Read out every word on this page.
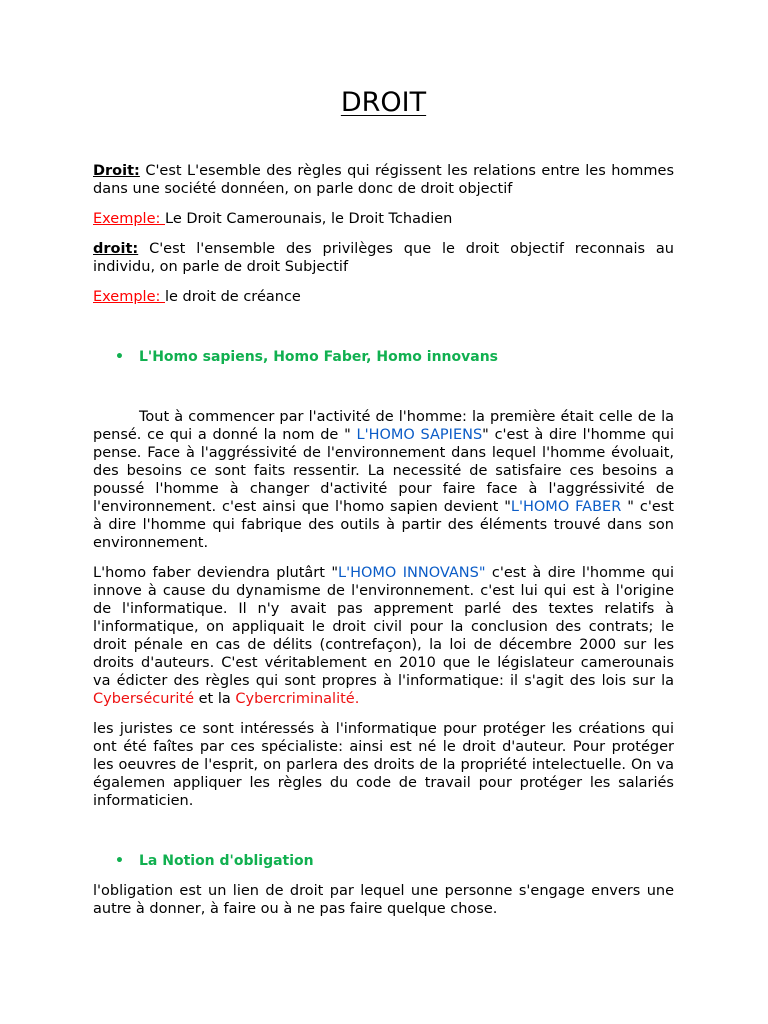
DROIT

Droit: C'est L'esemble des règles qui régissent les relations entre les hommes dans une société donnéen, on parle donc de droit objectif

Exemple: Le Droit Camerounais, le Droit Tchadien

droit: C'est l'ensemble des privilèges que le droit objectif reconnais au individu, on parle de droit Subjectif

Exemple: le droit de créance

•	L'Homo sapiens, Homo Faber, Homo innovans

Tout à commencer par l'activité de l'homme: la première était celle de la pensé. ce qui a donné la nom de " L'HOMO SAPIENS" c'est à dire l'homme qui pense. Face à l'aggréssivité de l'environnement dans lequel l'homme évoluait, des besoins ce sont faits ressentir. La necessité de satisfaire ces besoins a poussé l'homme à changer d'activité pour faire face à l'aggréssivité de l'environnement. c'est ainsi que l'homo sapien devient "L'HOMO FABER " c'est à dire l'homme qui fabrique des outils à partir des éléments trouvé dans son environnement.

L'homo faber deviendra plutârt "L'HOMO INNOVANS" c'est à dire l'homme qui innove à cause du dynamisme de l'environnement. c'est lui qui est à l'origine de l'informatique. Il n'y avait pas apprement parlé des textes relatifs à l'informatique, on appliquait le droit civil pour la conclusion des contrats; le droit pénale en cas de délits (contrefaçon), la loi de décembre 2000 sur les droits d'auteurs. C'est véritablement en 2010 que le législateur camerounais va édicter des règles qui sont propres à l'informatique: il s'agit des lois sur la Cybersécurité et la Cybercriminalité.

les juristes ce sont intéressés à l'informatique pour protéger les créations qui ont été faîtes par ces spécialiste: ainsi est né le droit d'auteur. Pour protéger les oeuvres de l'esprit, on parlera des droits de la propriété intelectuelle. On va égalemen appliquer les règles du code de travail pour protéger les salariés informaticien.

•	La Notion d'obligation

l'obligation est un lien de droit par lequel une personne s'engage envers une autre à donner, à faire ou à ne pas faire quelque chose.
